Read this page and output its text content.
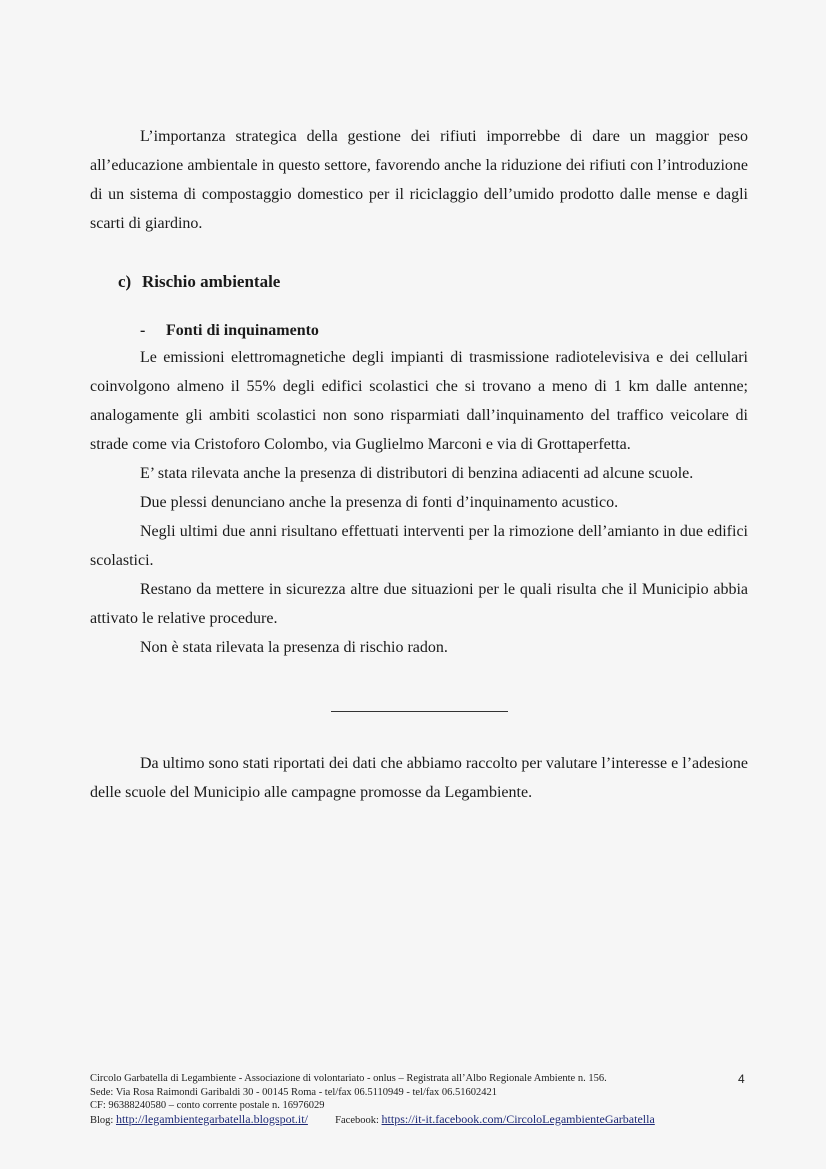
L’importanza strategica della gestione dei rifiuti imporrebbe di dare un maggior peso all’educazione ambientale in questo settore, favorendo anche la riduzione dei rifiuti con l’introduzione di un sistema di compostaggio domestico per il riciclaggio dell’umido prodotto dalle mense e dagli scarti di giardino.

c) Rischio ambientale
- Fonti di inquinamento

Le emissioni elettromagnetiche degli impianti di trasmissione radiotelevisiva e dei cellulari coinvolgono almeno il 55% degli edifici scolastici che si trovano a meno di 1 km dalle antenne; analogamente gli ambiti scolastici non sono risparmiati dall’inquinamento del traffico veicolare di strade come via Cristoforo Colombo, via Guglielmo Marconi e via di Grottaperfetta.

E’ stata rilevata anche la presenza di distributori di benzina adiacenti ad alcune scuole.

Due plessi denunciano anche la presenza di fonti d’inquinamento acustico.

Negli ultimi due anni risultano effettuati interventi per la rimozione dell’amianto in due edifici scolastici.

Restano da mettere in sicurezza altre due situazioni per le quali risulta che il Municipio abbia attivato le relative procedure.

Non è stata rilevata la presenza di rischio radon.

Da ultimo sono stati riportati dei dati che abbiamo raccolto per valutare l’interesse e l’adesione delle scuole del Municipio alle campagne promosse da Legambiente.

Circolo Garbatella di Legambiente - Associazione di volontariato - onlus – Registrata all’Albo Regionale Ambiente n. 156.
Sede: Via Rosa Raimondi Garibaldi 30 - 00145 Roma - tel/fax 06.5110949 - tel/fax 06.51602421
CF: 96388240580 – conto corrente postale n. 16976029
Blog: http://legambientegarbatella.blogspot.it/	Facebook: https://it-it.facebook.com/CircoloLegambienteGarbatella
4
